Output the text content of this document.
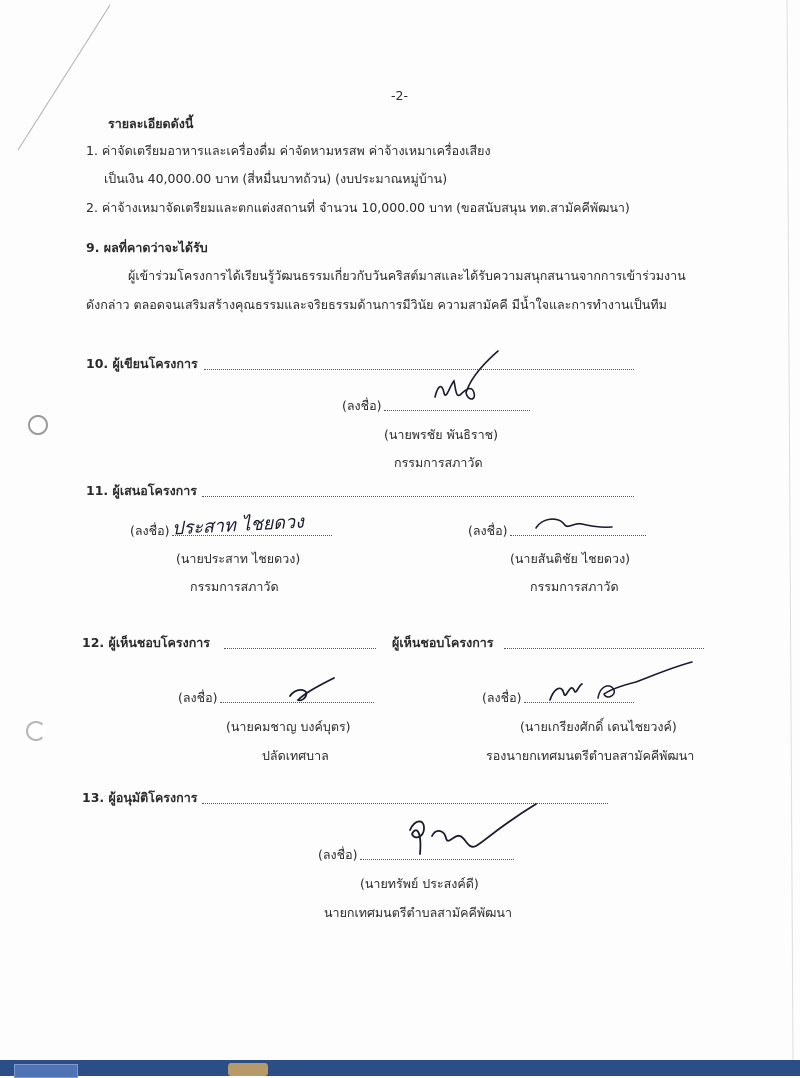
-2-
รายละเอียดดังนี้
1. ค่าจัดเตรียมอาหารและเครื่องดื่ม ค่าจัดหามหรสพ ค่าจ้างเหมาเครื่องเสียง
เป็นเงิน 40,000.00 บาท (สี่หมื่นบาทถ้วน) (งบประมาณหมู่บ้าน)
2. ค่าจ้างเหมาจัดเตรียมและตกแต่งสถานที่ จำนวน 10,000.00 บาท (ขอสนับสนุน ทต.สามัคคีพัฒนา)
9. ผลที่คาดว่าจะได้รับ
ผู้เข้าร่วมโครงการได้เรียนรู้วัฒนธรรมเกี่ยวกับวันคริสต์มาสและได้รับความสนุกสนานจากการเข้าร่วมงาน
ดังกล่าว ตลอดจนเสริมสร้างคุณธรรมและจริยธรรมด้านการมีวินัย ความสามัคคี มีน้ำใจและการทำงานเป็นทีม
10. ผู้เขียนโครงการ
(ลงชื่อ)
(นายพรชัย พันธิราช)
กรรมการสภาวัด
11. ผู้เสนอโครงการ
(ลงชื่อ) ประสาท ไชยดวง
(นายประสาท ไชยดวง)
กรรมการสภาวัด
(ลงชื่อ)
(นายสันติชัย ไชยดวง)
กรรมการสภาวัด
12. ผู้เห็นชอบโครงการ	ผู้เห็นชอบโครงการ
(ลงชื่อ)
(นายคมชาญ บงค์บุตร)
ปลัดเทศบาล
(ลงชื่อ)
(นายเกรียงศักดิ์ เดนไชยวงค์)
รองนายกเทศมนตรีตำบลสามัคคีพัฒนา
13. ผู้อนุมัติโครงการ
(ลงชื่อ)
(นายทรัพย์ ประสงค์ดี)
นายกเทศมนตรีตำบลสามัคคีพัฒนา
